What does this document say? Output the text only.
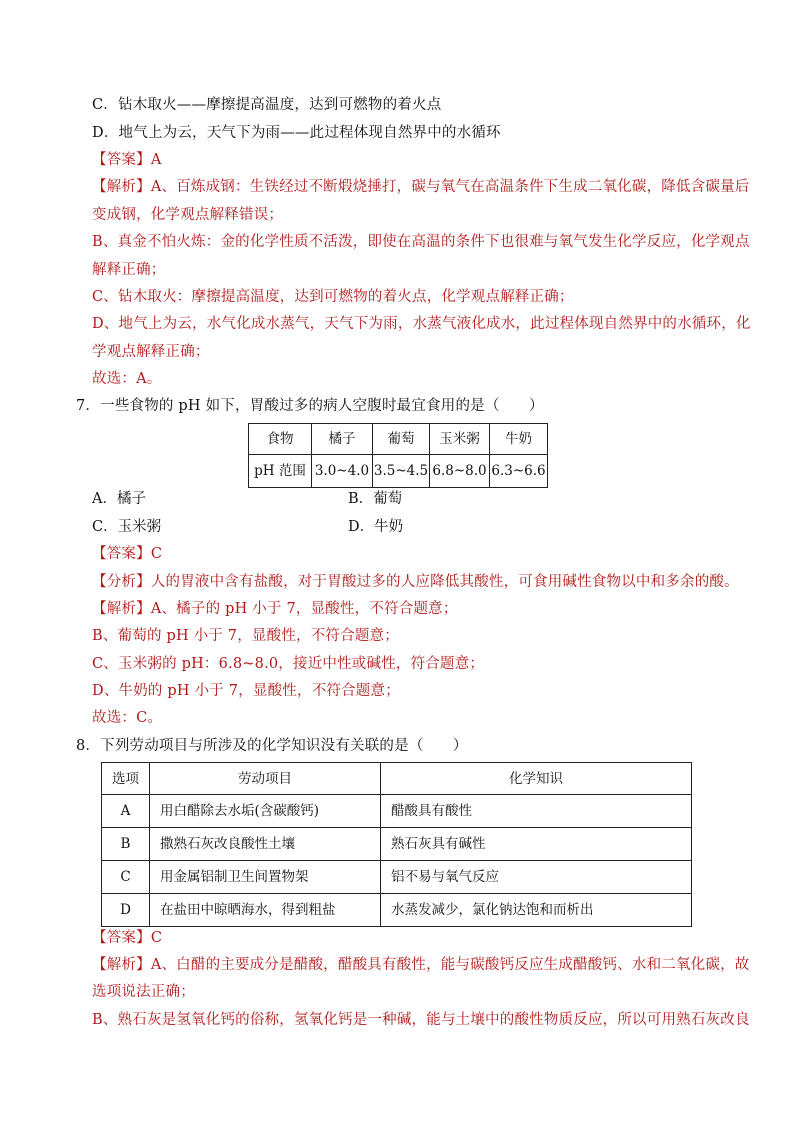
C．钻木取火——摩擦提高温度，达到可燃物的着火点
D．地气上为云，天气下为雨——此过程体现自然界中的水循环
【答案】A
【解析】A、百炼成钢：生铁经过不断煅烧捶打，碳与氧气在高温条件下生成二氧化碳，降低含碳量后
变成钢，化学观点解释错误；
B、真金不怕火炼：金的化学性质不活泼，即使在高温的条件下也很难与氧气发生化学反应，化学观点
解释正确；
C、钻木取火：摩擦提高温度，达到可燃物的着火点，化学观点解释正确；
D、地气上为云，水气化成水蒸气，天气下为雨，水蒸气液化成水，此过程体现自然界中的水循环，化
学观点解释正确；
故选：A。
7．一些食物的 pH 如下，胃酸过多的病人空腹时最宜食用的是（　　）
食物	橘子	葡萄	玉米粥	牛奶
pH 范围	3.0~4.0	3.5~4.5	6.8~8.0	6.3~6.6
A．橘子	B．葡萄
C．玉米粥	D．牛奶
【答案】C
【分析】人的胃液中含有盐酸，对于胃酸过多的人应降低其酸性，可食用碱性食物以中和多余的酸。
【解析】A、橘子的 pH 小于 7，显酸性，不符合题意；
B、葡萄的 pH 小于 7，显酸性，不符合题意；
C、玉米粥的 pH：6.8~8.0，接近中性或碱性，符合题意；
D、牛奶的 pH 小于 7，显酸性，不符合题意；
故选：C。
8．下列劳动项目与所涉及的化学知识没有关联的是（　　）
选项	劳动项目	化学知识
A	用白醋除去水垢(含碳酸钙)	醋酸具有酸性
B	撒熟石灰改良酸性土壤	熟石灰具有碱性
C	用金属铝制卫生间置物架	铝不易与氧气反应
D	在盐田中晾晒海水，得到粗盐	水蒸发减少，氯化钠达饱和而析出
【答案】C
【解析】A、白醋的主要成分是醋酸，醋酸具有酸性，能与碳酸钙反应生成醋酸钙、水和二氧化碳，故
选项说法正确；
B、熟石灰是氢氧化钙的俗称，氢氧化钙是一种碱，能与土壤中的酸性物质反应，所以可用熟石灰改良
